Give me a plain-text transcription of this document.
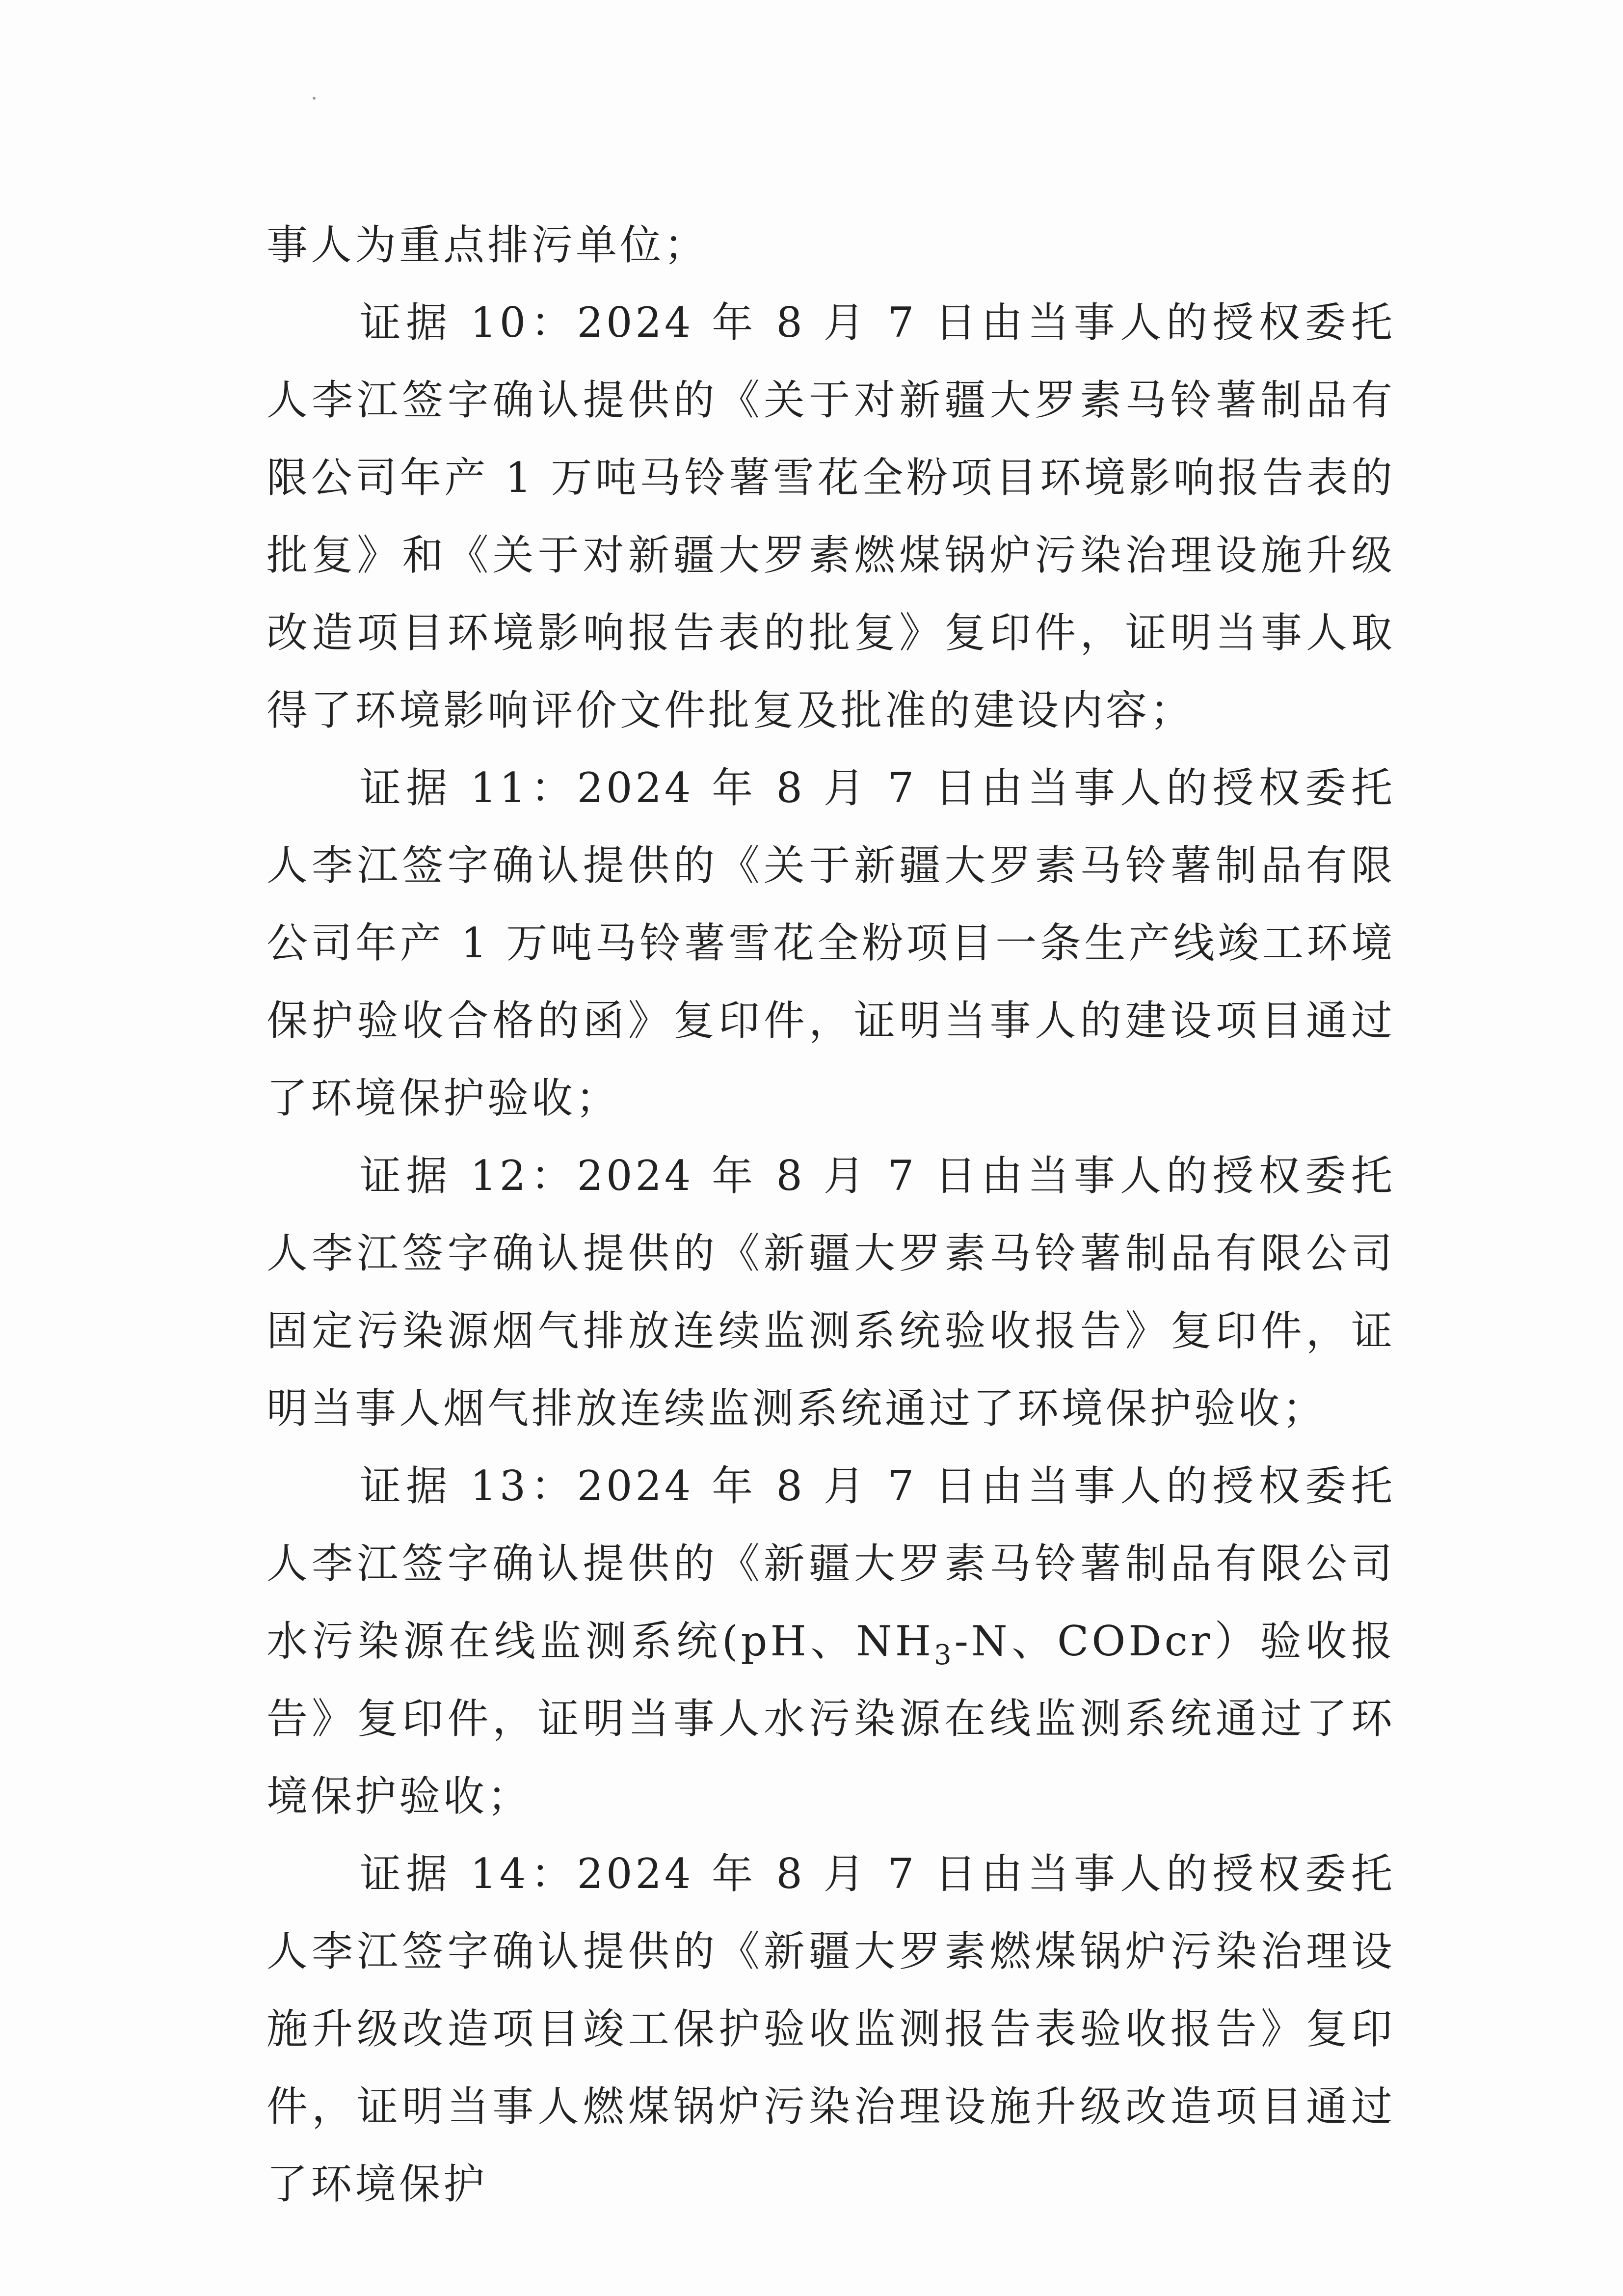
事人为重点排污单位；

证据 10：2024 年 8 月 7 日由当事人的授权委托人李江签字确认提供的《关于对新疆大罗素马铃薯制品有限公司年产 1 万吨马铃薯雪花全粉项目环境影响报告表的批复》和《关于对新疆大罗素燃煤锅炉污染治理设施升级改造项目环境影响报告表的批复》复印件，证明当事人取得了环境影响评价文件批复及批准的建设内容；

证据 11：2024 年 8 月 7 日由当事人的授权委托人李江签字确认提供的《关于新疆大罗素马铃薯制品有限公司年产 1 万吨马铃薯雪花全粉项目一条生产线竣工环境保护验收合格的函》复印件，证明当事人的建设项目通过了环境保护验收；

证据 12：2024 年 8 月 7 日由当事人的授权委托人李江签字确认提供的《新疆大罗素马铃薯制品有限公司固定污染源烟气排放连续监测系统验收报告》复印件，证明当事人烟气排放连续监测系统通过了环境保护验收；

证据 13：2024 年 8 月 7 日由当事人的授权委托人李江签字确认提供的《新疆大罗素马铃薯制品有限公司水污染源在线监测系统(pH、$NH_3-N$、CODcr）验收报告》复印件，证明当事人水污染源在线监测系统通过了环境保护验收；

证据 14：2024 年 8 月 7 日由当事人的授权委托人李江签字确认提供的《新疆大罗素燃煤锅炉污染治理设施升级改造项目竣工保护验收监测报告表验收报告》复印件，证明当事人燃煤锅炉污染治理设施升级改造项目通过了环境保护
